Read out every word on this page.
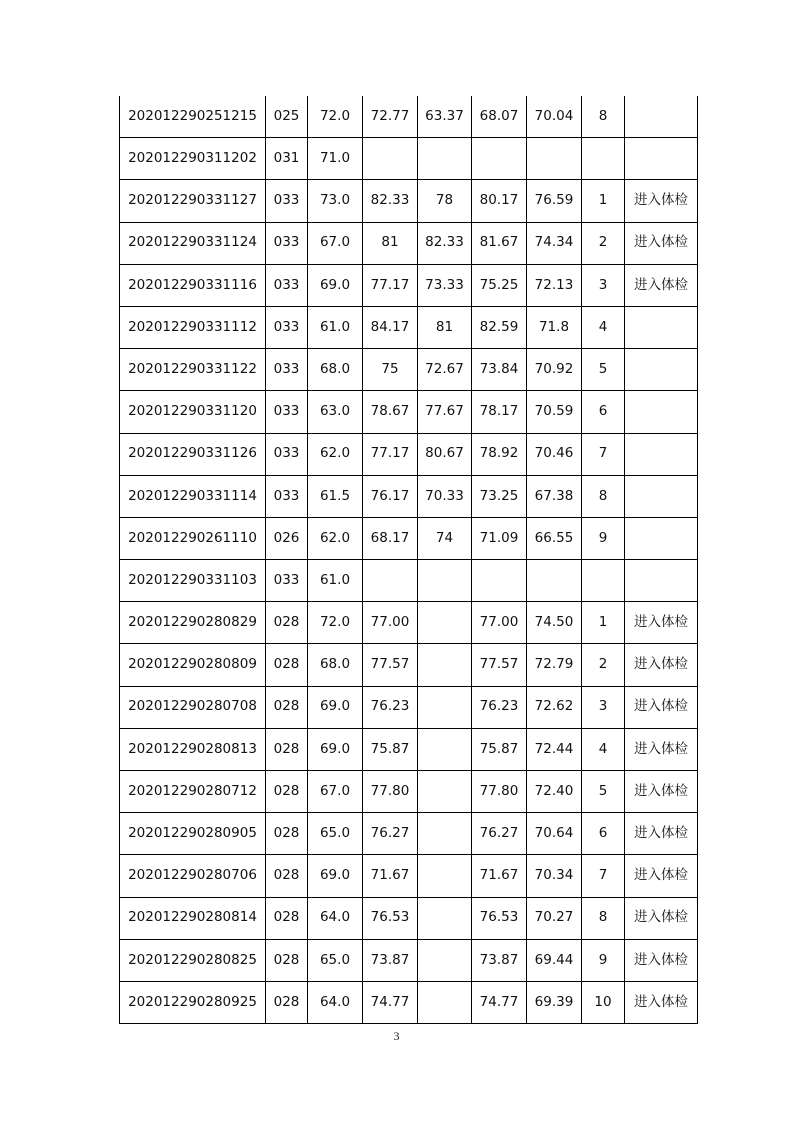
202012290251215	025	72.0	72.77	63.37	68.07	70.04	8	
202012290311202	031	71.0						
202012290331127	033	73.0	82.33	78	80.17	76.59	1	进入体检
202012290331124	033	67.0	81	82.33	81.67	74.34	2	进入体检
202012290331116	033	69.0	77.17	73.33	75.25	72.13	3	进入体检
202012290331112	033	61.0	84.17	81	82.59	71.8	4	
202012290331122	033	68.0	75	72.67	73.84	70.92	5	
202012290331120	033	63.0	78.67	77.67	78.17	70.59	6	
202012290331126	033	62.0	77.17	80.67	78.92	70.46	7	
202012290331114	033	61.5	76.17	70.33	73.25	67.38	8	
202012290261110	026	62.0	68.17	74	71.09	66.55	9	
202012290331103	033	61.0						
202012290280829	028	72.0	77.00		77.00	74.50	1	进入体检
202012290280809	028	68.0	77.57		77.57	72.79	2	进入体检
202012290280708	028	69.0	76.23		76.23	72.62	3	进入体检
202012290280813	028	69.0	75.87		75.87	72.44	4	进入体检
202012290280712	028	67.0	77.80		77.80	72.40	5	进入体检
202012290280905	028	65.0	76.27		76.27	70.64	6	进入体检
202012290280706	028	69.0	71.67		71.67	70.34	7	进入体检
202012290280814	028	64.0	76.53		76.53	70.27	8	进入体检
202012290280825	028	65.0	73.87		73.87	69.44	9	进入体检
202012290280925	028	64.0	74.77		74.77	69.39	10	进入体检
3
